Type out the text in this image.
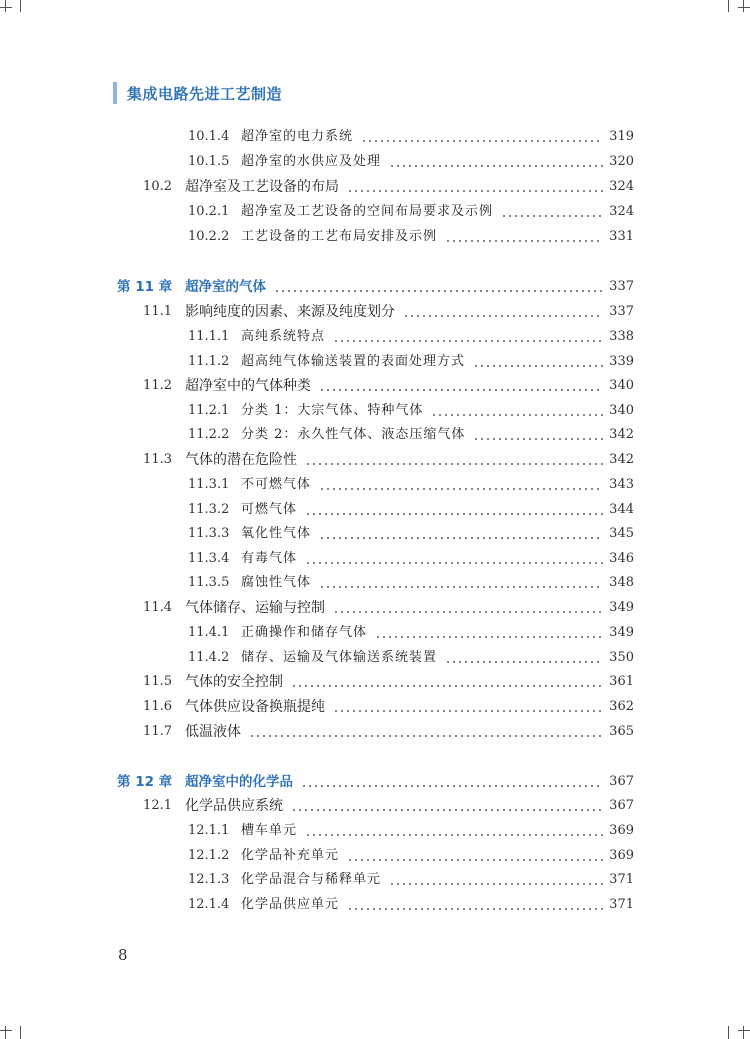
集成电路先进工艺制造
10.1.4 超净室的电力系统	319
10.1.5 超净室的水供应及处理	320
10.2 超净室及工艺设备的布局	324
10.2.1 超净室及工艺设备的空间布局要求及示例	324
10.2.2 工艺设备的工艺布局安排及示例	331
第 11 章 超净室的气体	337
11.1 影响纯度的因素、来源及纯度划分	337
11.1.1 高纯系统特点	338
11.1.2 超高纯气体输送装置的表面处理方式	339
11.2 超净室中的气体种类	340
11.2.1 分类 1：大宗气体、特种气体	340
11.2.2 分类 2：永久性气体、液态压缩气体	342
11.3 气体的潜在危险性	342
11.3.1 不可燃气体	343
11.3.2 可燃气体	344
11.3.3 氧化性气体	345
11.3.4 有毒气体	346
11.3.5 腐蚀性气体	348
11.4 气体储存、运输与控制	349
11.4.1 正确操作和储存气体	349
11.4.2 储存、运输及气体输送系统装置	350
11.5 气体的安全控制	361
11.6 气体供应设备换瓶提纯	362
11.7 低温液体	365
第 12 章 超净室中的化学品	367
12.1 化学品供应系统	367
12.1.1 槽车单元	369
12.1.2 化学品补充单元	369
12.1.3 化学品混合与稀释单元	371
12.1.4 化学品供应单元	371
8
